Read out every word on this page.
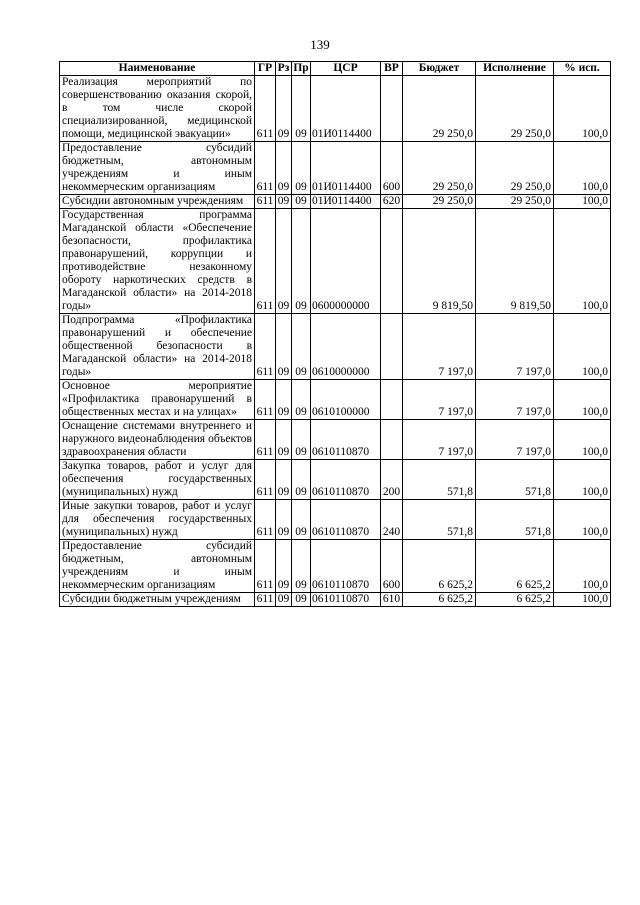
139
Наименование	ГР	Рз	Пр	ЦСР	ВР	Бюджет	Исполнение	% исп.
Реализация мероприятий по совершенствованию оказания скорой, в том числе скорой специализированной, медицинской помощи, медицинской эвакуации»	611	09	09	01И0114400		29 250,0	29 250,0	100,0
Предоставление субсидий бюджетным, автономным учреждениям и иным некоммерческим организациям	611	09	09	01И0114400	600	29 250,0	29 250,0	100,0
Субсидии автономным учреждениям	611	09	09	01И0114400	620	29 250,0	29 250,0	100,0
Государственная программа Магаданской области «Обеспечение безопасности, профилактика правонарушений, коррупции и противодействие незаконному обороту наркотических средств в Магаданской области» на 2014-2018 годы»	611	09	09	0600000000		9 819,50	9 819,50	100,0
Подпрограмма «Профилактика правонарушений и обеспечение общественной безопасности в Магаданской области» на 2014-2018 годы»	611	09	09	0610000000		7 197,0	7 197,0	100,0
Основное мероприятие «Профилактика правонарушений в общественных местах и на улицах»	611	09	09	0610100000		7 197,0	7 197,0	100,0
Оснащение системами внутреннего и наружного видеонаблюдения объектов здравоохранения области	611	09	09	0610110870		7 197,0	7 197,0	100,0
Закупка товаров, работ и услуг для обеспечения государственных (муниципальных) нужд	611	09	09	0610110870	200	571,8	571,8	100,0
Иные закупки товаров, работ и услуг для обеспечения государственных (муниципальных) нужд	611	09	09	0610110870	240	571,8	571,8	100,0
Предоставление субсидий бюджетным, автономным учреждениям и иным некоммерческим организациям	611	09	09	0610110870	600	6 625,2	6 625,2	100,0
Субсидии бюджетным учреждениям	611	09	09	0610110870	610	6 625,2	6 625,2	100,0
